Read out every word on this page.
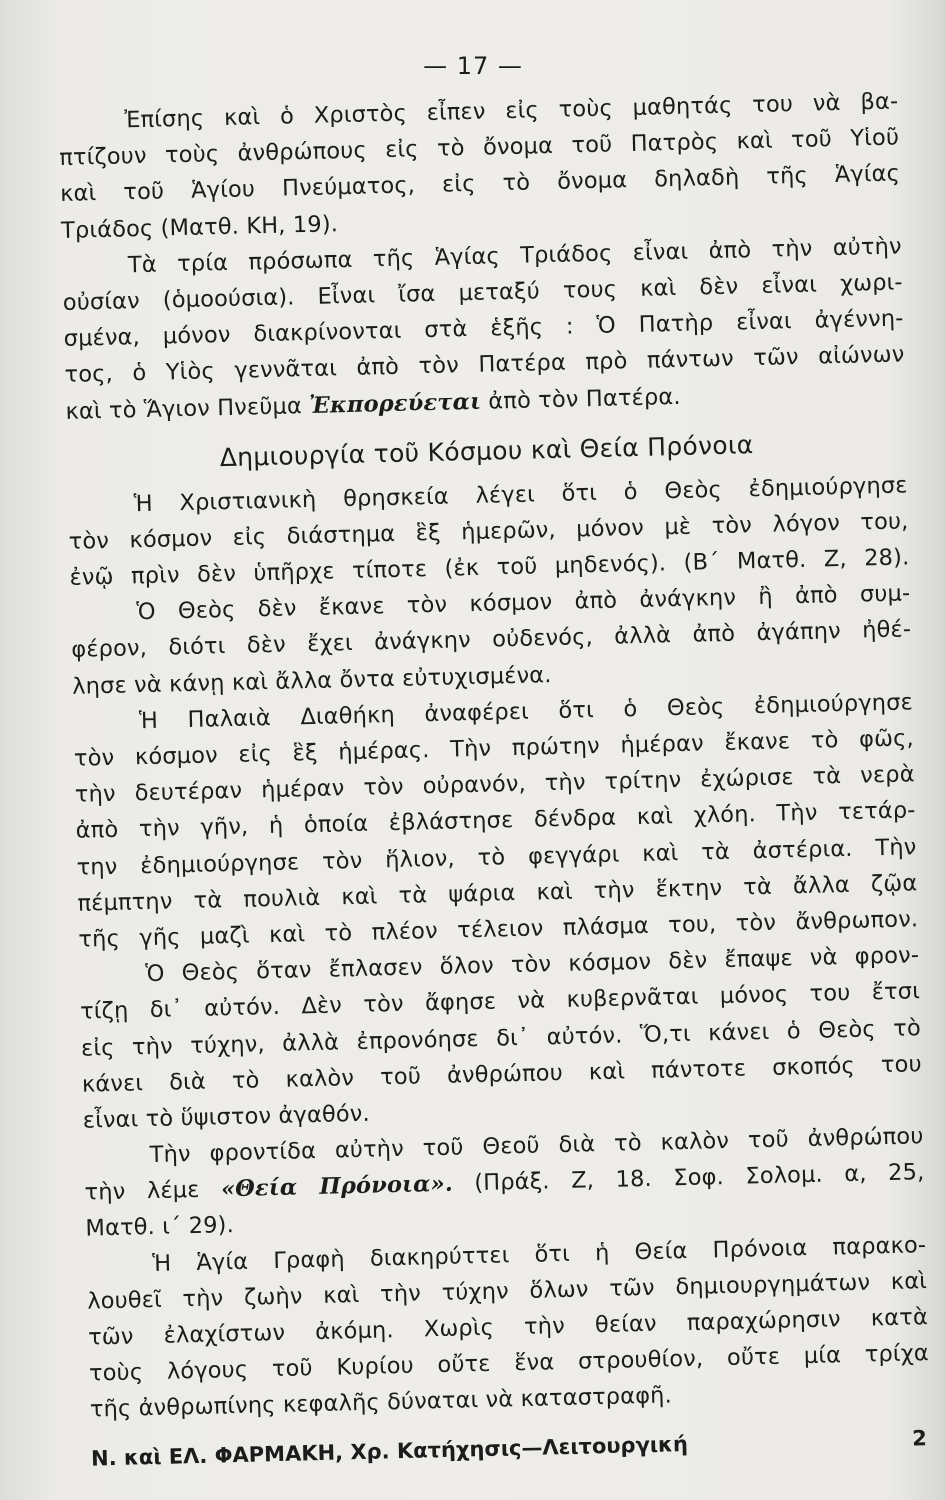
— 17 —
Ἐπίσης καὶ ὁ Χριστὸς εἶπεν εἰς τοὺς μαθητάς του νὰ βα-
πτίζουν τοὺς ἀνθρώπους εἰς τὸ ὄνομα τοῦ Πατρὸς καὶ τοῦ Υἱοῦ
καὶ τοῦ Ἁγίου Πνεύματος, εἰς τὸ ὄνομα δηλαδὴ τῆς Ἁγίας
Τριάδος (Ματθ. ΚΗ, 19).
Τὰ τρία πρόσωπα τῆς Ἁγίας Τριάδος εἶναι ἀπὸ τὴν αὐτὴν
οὐσίαν (ὁμοούσια). Εἶναι ἴσα μεταξύ τους καὶ δὲν εἶναι χωρι-
σμένα, μόνον διακρίνονται στὰ ἑξῆς : Ὁ Πατὴρ εἶναι ἀγέννη-
τος, ὁ Υἱὸς γεννᾶται ἀπὸ τὸν Πατέρα πρὸ πάντων τῶν αἰώνων
καὶ τὸ Ἅγιον Πνεῦμα Ἐκπορεύεται ἀπὸ τὸν Πατέρα.
Δημιουργία τοῦ Κόσμου καὶ Θεία Πρόνοια
Ἡ Χριστιανικὴ θρησκεία λέγει ὅτι ὁ Θεὸς ἐδημιούργησε
τὸν κόσμον εἰς διάστημα ἓξ ἡμερῶν, μόνον μὲ τὸν λόγον του,
ἐνῷ πρὶν δὲν ὑπῆρχε τίποτε (ἐκ τοῦ μηδενός). (Β΄ Ματθ. Ζ, 28).
Ὁ Θεὸς δὲν ἔκανε τὸν κόσμον ἀπὸ ἀνάγκην ἢ ἀπὸ συμ-
φέρον, διότι δὲν ἔχει ἀνάγκην οὐδενός, ἀλλὰ ἀπὸ ἀγάπην ἠθέ-
λησε νὰ κάνῃ καὶ ἄλλα ὄντα εὐτυχισμένα.
Ἡ Παλαιὰ Διαθήκη ἀναφέρει ὅτι ὁ Θεὸς ἐδημιούργησε
τὸν κόσμον εἰς ἓξ ἡμέρας. Τὴν πρώτην ἡμέραν ἔκανε τὸ φῶς,
τὴν δευτέραν ἡμέραν τὸν οὐρανόν, τὴν τρίτην ἐχώρισε τὰ νερὰ
ἀπὸ τὴν γῆν, ἡ ὁποία ἐβλάστησε δένδρα καὶ χλόη. Τὴν τετάρ-
την ἐδημιούργησε τὸν ἥλιον, τὸ φεγγάρι καὶ τὰ ἀστέρια. Τὴν
πέμπτην τὰ πουλιὰ καὶ τὰ ψάρια καὶ τὴν ἕκτην τὰ ἄλλα ζῷα
τῆς γῆς μαζὶ καὶ τὸ πλέον τέλειον πλάσμα του, τὸν ἄνθρωπον.
Ὁ Θεὸς ὅταν ἔπλασεν ὅλον τὸν κόσμον δὲν ἔπαψε νὰ φρον-
τίζῃ δι᾽ αὐτόν. Δὲν τὸν ἄφησε νὰ κυβερνᾶται μόνος του ἔτσι
εἰς τὴν τύχην, ἀλλὰ ἐπρονόησε δι᾽ αὐτόν. Ὅ,τι κάνει ὁ Θεὸς τὸ
κάνει διὰ τὸ καλὸν τοῦ ἀνθρώπου καὶ πάντοτε σκοπός του
εἶναι τὸ ὕψιστον ἀγαθόν.
Τὴν φροντίδα αὐτὴν τοῦ Θεοῦ διὰ τὸ καλὸν τοῦ ἀνθρώπου
τὴν λέμε «Θεία Πρόνοια». (Πράξ. Ζ, 18. Σοφ. Σολομ. α, 25,
Ματθ. ι΄ 29).
Ἡ Ἁγία Γραφὴ διακηρύττει ὅτι ἡ Θεία Πρόνοια παρακο-
λουθεῖ τὴν ζωὴν καὶ τὴν τύχην ὅλων τῶν δημιουργημάτων καὶ
τῶν ἐλαχίστων ἀκόμη. Χωρὶς τὴν θείαν παραχώρησιν κατὰ
τοὺς λόγους τοῦ Κυρίου οὔτε ἕνα στρουθίον, οὔτε μία τρίχα
τῆς ἀνθρωπίνης κεφαλῆς δύναται νὰ καταστραφῆ.
Ν. καὶ ΕΛ. ΦΑΡΜΑΚΗ, Χρ. Κατήχησις—Λειτουργική	2
